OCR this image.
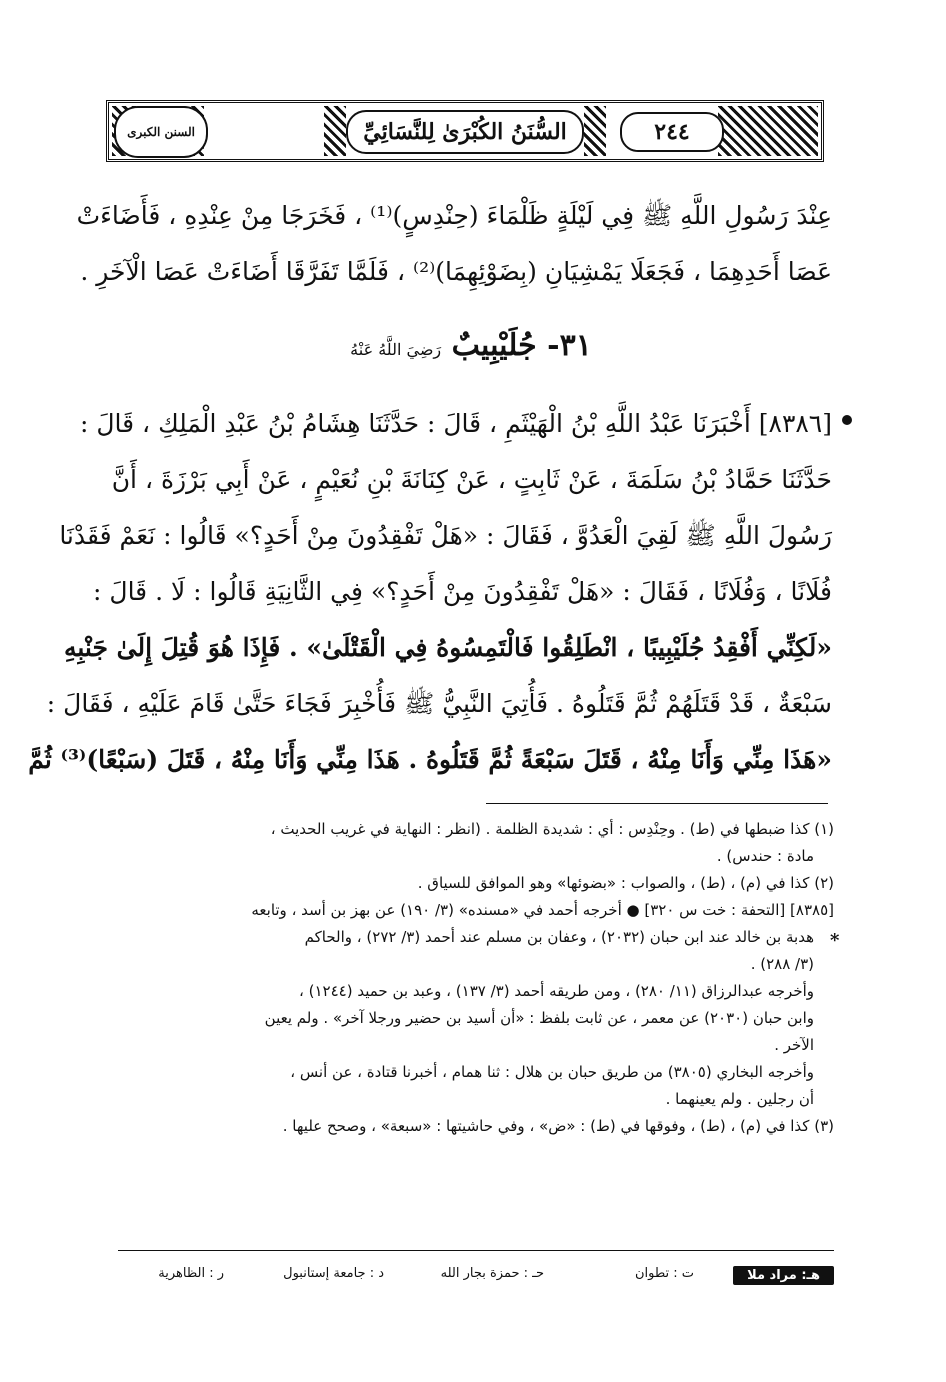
السنن الكبرى	السُّنَنُ الكُبْرَىٰ لِلنَّسَائِيِّ	٢٤٤
عِنْدَ رَسُولِ اللَّهِ ﷺ فِي لَيْلَةٍ ظَلْمَاءَ (حِنْدِسٍ)⁽¹⁾ ، فَخَرَجَا مِنْ عِنْدِهِ ، فَأَضَاءَتْ
عَصَا أَحَدِهِمَا ، فَجَعَلَا يَمْشِيَانِ (بِضَوْئِهِمَا)⁽²⁾ ، فَلَمَّا تَفَرَّقَا أَضَاءَتْ عَصَا الْآخَرِ .
٣١- جُلَيْبِيبٌ رَضِيَ اللَّهُ عَنْهُ
[٨٣٨٦] أَخْبَرَنَا عَبْدُ اللَّهِ بْنُ الْهَيْثَمِ ، قَالَ : حَدَّثَنَا هِشَامُ بْنُ عَبْدِ الْمَلِكِ ، قَالَ :
حَدَّثَنَا حَمَّادُ بْنُ سَلَمَةَ ، عَنْ ثَابِتٍ ، عَنْ كِنَانَةَ بْنِ نُعَيْمٍ ، عَنْ أَبِي بَرْزَةَ ، أَنَّ
رَسُولَ اللَّهِ ﷺ لَقِيَ الْعَدُوَّ ، فَقَالَ : «هَلْ تَفْقِدُونَ مِنْ أَحَدٍ؟» قَالُوا : نَعَمْ فَقَدْنَا
فُلَانًا ، وَفُلَانًا ، فَقَالَ : «هَلْ تَفْقِدُونَ مِنْ أَحَدٍ؟» فِي الثَّانِيَةِ قَالُوا : لَا . قَالَ :
«لَكِنِّي أَفْقِدُ جُلَيْبِيبًا ، انْطَلِقُوا فَالْتَمِسُوهُ فِي الْقَتْلَىٰ» . فَإِذَا هُوَ قُتِلَ إِلَىٰ جَنْبِهِ
سَبْعَةٌ ، قَدْ قَتَلَهُمْ ثُمَّ قَتَلُوهُ . فَأُتِيَ النَّبِيُّ ﷺ فَأُخْبِرَ فَجَاءَ حَتَّىٰ قَامَ عَلَيْهِ ، فَقَالَ :
«هَذَا مِنِّي وَأَنَا مِنْهُ ، قَتَلَ سَبْعَةً ثُمَّ قَتَلُوهُ . هَذَا مِنِّي وَأَنَا مِنْهُ ، قَتَلَ (سَبْعًا)⁽³⁾ ثُمَّ
(١) كذا ضبطها في (ط) . وحِنْدِس : أي : شديدة الظلمة . (انظر : النهاية في غريب الحديث ،
مادة : حندس) .
(٢) كذا في (م) ، (ط) ، والصواب : «بضوئها» وهو الموافق للسياق .
[٨٣٨٥] [التحفة : خت س ٣٢٠] ● أخرجه أحمد في «مسنده» (٣/ ١٩٠) عن بهز بن أسد ، وتابعه
هدبة بن خالد عند ابن حبان (٢٠٣٢) ، وعفان بن مسلم عند أحمد (٣/ ٢٧٢) ، والحاكم
(٣/ ٢٨٨) .
وأخرجه عبدالرزاق (١١/ ٢٨٠) ، ومن طريقه أحمد (٣/ ١٣٧) ، وعبد بن حميد (١٢٤٤) ،
وابن حبان (٢٠٣٠) عن معمر ، عن ثابت بلفظ : «أن أسيد بن حضير ورجلا آخر» . ولم يعين
الآخر .
وأخرجه البخاري (٣٨٠٥) من طريق حبان بن هلال : ثنا همام ، أخبرنا قتادة ، عن أنس ،
أن رجلين . ولم يعينهما .
(٣) كذا في (م) ، (ط) ، وفوقها في (ط) : «ض» ، وفي حاشيتها : «سبعة» ، وصحح عليها .
*
هـ: مراد ملا
ت : تطوان
حـ : حمزة بجار الله
د : جامعة إستانبول
ر : الظاهرية
